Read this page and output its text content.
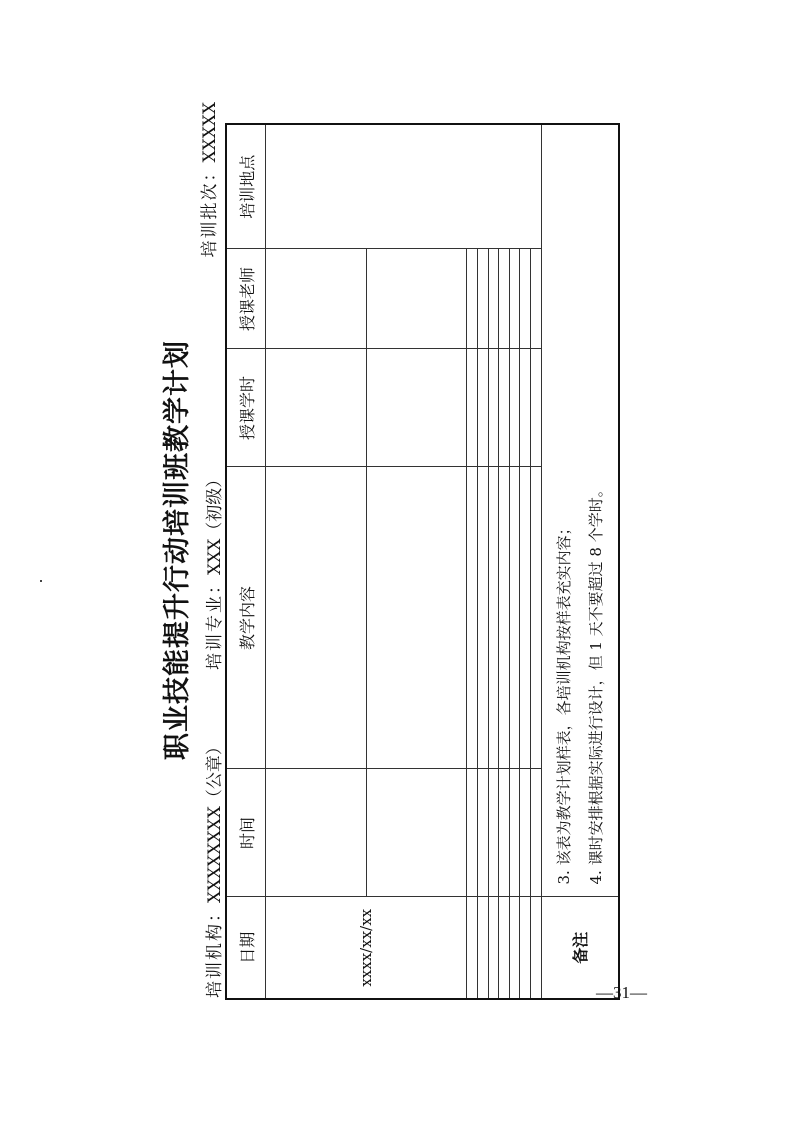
职业技能提升行动培训班教学计划
培训机构：XXXXXXXX（公章）
培训专业：XXX（初级）
培训批次：XXXXX
日期	时间	教学内容	授课学时	授课老师	培训地点
xxxx/xx/xx					

备注	3. 该表为教学计划样表，各培训机构按样表充实内容； 4. 课时安排根据实际进行设计，但 1 天不要超过 8 个学时。				
—31—
